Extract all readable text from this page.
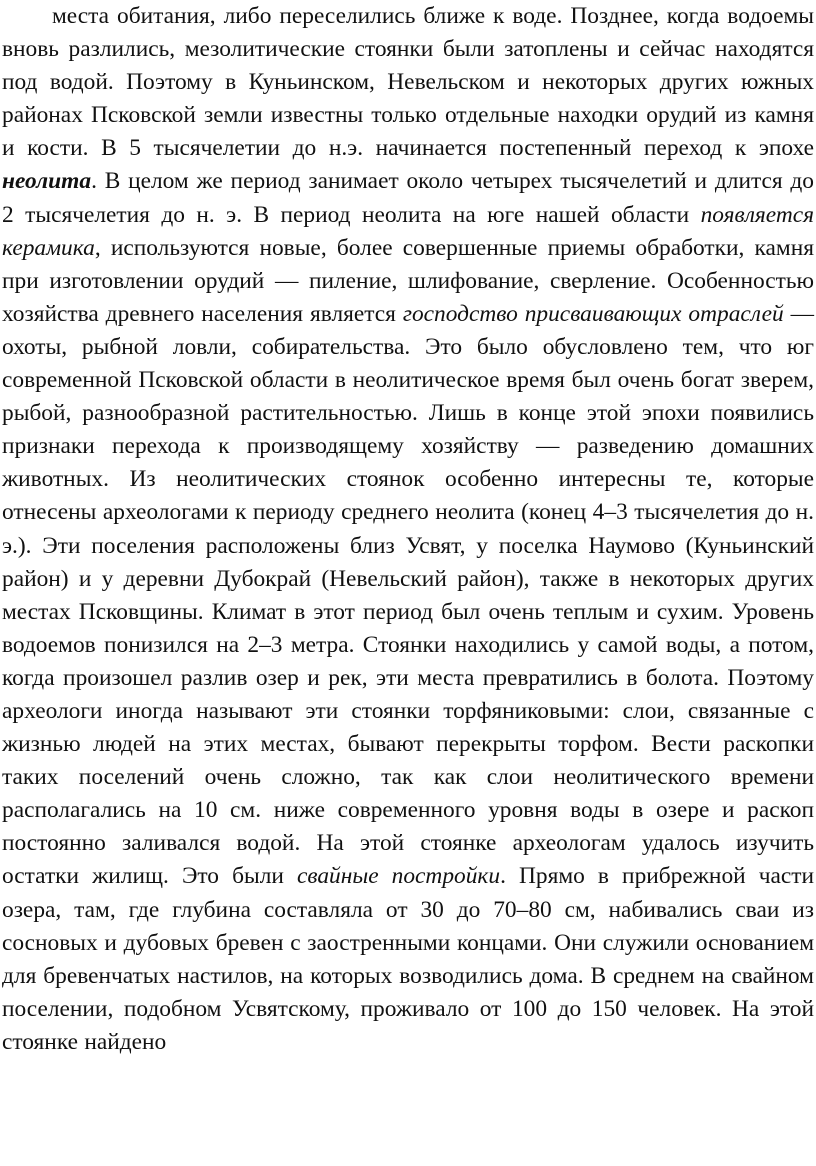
места обитания, либо переселились ближе к воде. Позднее, когда водоемы вновь разлились, мезолитические стоянки были затоплены и сейчас находятся под водой. Поэтому в Куньинском, Невельском и некоторых других южных районах Псковской земли известны только отдельные находки орудий из камня и кости. В 5 тысячелетии до н.э. начинается постепенный переход к эпохе неолита. В целом же период занимает около четырех тысячелетий и длится до 2 тысячелетия до н. э. В период неолита на юге нашей области появляется керамика, используются новые, более совершенные приемы обработки, камня при изготовлении орудий — пиление, шлифование, сверление. Особенностью хозяйства древнего населения является господство присваивающих отраслей — охоты, рыбной ловли, собирательства. Это было обусловлено тем, что юг современной Псковской области в неолитическое время был очень богат зверем, рыбой, разнообразной растительностью. Лишь в конце этой эпохи появились признаки перехода к производящему хозяйству — разведению домашних животных. Из неолитических стоянок особенно интересны те, которые отнесены археологами к периоду среднего неолита (конец 4–3 тысячелетия до н. э.). Эти поселения расположены близ Усвят, у поселка Наумово (Куньинский район) и у деревни Дубокрай (Невельский район), также в некоторых других местах Псковщины. Климат в этот период был очень теплым и сухим. Уровень водоемов понизился на 2–3 метра. Стоянки находились у самой воды, а потом, когда произошел разлив озер и рек, эти места превратились в болота. Поэтому археологи иногда называют эти стоянки торфяниковыми: слои, связанные с жизнью людей на этих местах, бывают перекрыты торфом. Вести раскопки таких поселений очень сложно, так как слои неолитического времени располагались на 10 см. ниже современного уровня воды в озере и раскоп постоянно заливался водой. На этой стоянке археологам удалось изучить остатки жилищ. Это были свайные постройки. Прямо в прибрежной части озера, там, где глубина составляла от 30 до 70–80 см, набивались сваи из сосновых и дубовых бревен с заостренными концами. Они служили основанием для бревенчатых настилов, на которых возводились дома. В среднем на свайном поселении, подобном Усвятскому, проживало от 100 до 150 человек. На этой стоянке найдено
